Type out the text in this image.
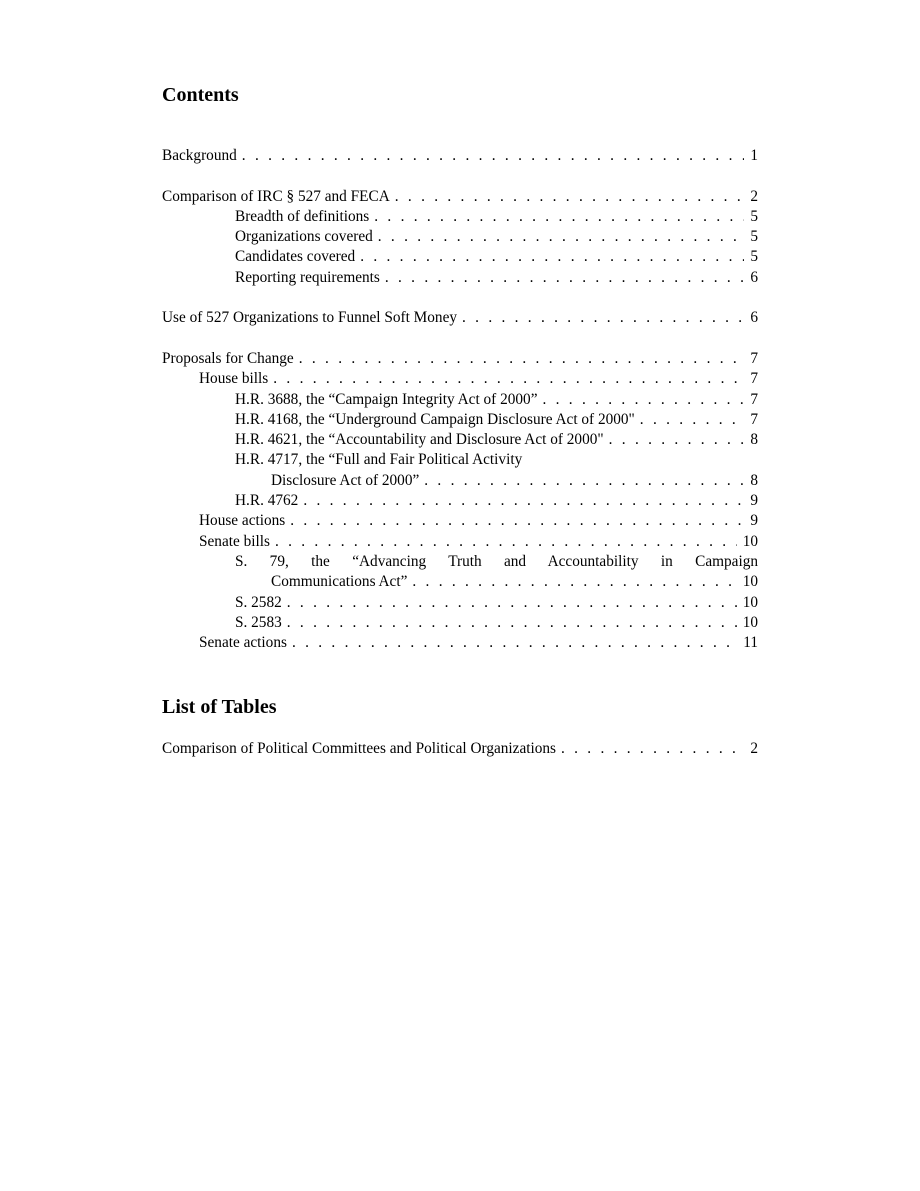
Contents
Background . . .	1
Comparison of IRC § 527 and FECA . . .	2
Breadth of definitions . . .	5
Organizations covered . . .	5
Candidates covered . . .	5
Reporting requirements . . .	6
Use of 527 Organizations to Funnel Soft Money . . .	6
Proposals for Change . . .	7
House bills . . .	7
H.R. 3688, the “Campaign Integrity Act of 2000” . . .	7
H.R. 4168, the “Underground Campaign Disclosure Act of 2000" . . .	7
H.R. 4621, the “Accountability and Disclosure Act of 2000" . . .	8
H.R. 4717, the “Full and Fair Political Activity
Disclosure Act of 2000” . . .	8
H.R. 4762 . . .	9
House actions . . .	9
Senate bills . . .	10
S. 79, the “Advancing Truth and Accountability in Campaign
Communications Act” . . .	10
S. 2582 . . .	10
S. 2583 . . .	10
Senate actions . . .	11
List of Tables
Comparison of Political Committees and Political Organizations . . .	2
